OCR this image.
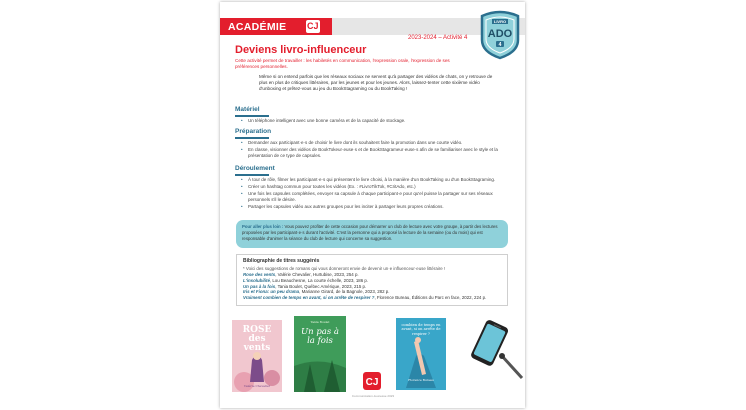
ACADÉMIE CJ	LIVRO
ADO
4
2023-2024 – Activité 4
Deviens livro-influenceur

Cette activité permet de travailler : les habiletés en communication, l'expression orale, l'expression de ses préférences personnelles.

Même si on entend parfois que les réseaux sociaux ne servent qu'à partager des vidéos de chats, on y retrouve de plus en plus de critiques littéraires, par les jeunes et pour les jeunes. Alors, laissez-tenter cette sixième vidéo d'unboxing et prêtez-vous au jeu du BookStagraming ou du BookTaking !

Matériel
• Un téléphone intelligent avec une bonne caméra et de la capacité de stockage.
Préparation
• Demander aux participant·e·s de choisir le livre dont ils souhaitent faire la promotion dans une courte vidéo.
• En classe, visionner des vidéos de BookTokeur·euse·s et de BookStagrameur·euse·s afin de se familiariser avec le style et la présentation de ce type de capsules.
Déroulement
• À tour de rôle, filmer les participant·e·s qui présentent le livre choisi, à la manière d'un BookTaking ou d'un BookStagraming.
• Créer un hashtag commun pour toutes les vidéos (Ex. : #LivroTikTok, #CritAdo, etc.)
• Une fois les capsules complétées, envoyer sa capsule à chaque participant·e pour qu'el puisse la partager sur ses réseaux personnels s'il le désire.
• Partager les capsules vidéo aux autres groupes pour les inciter à partager leurs propres créations.
Pour aller plus loin : Vous pouvez profiter de cette occasion pour démarrer un club de lecture avec votre groupe, à partir des lectures proposées par les participant·e·s durant l'activité. C'est la personne qui a proposé la lecture de la semaine (ou du mois) qui est responsable d'animer la séance du club de lecture qui concerne sa suggestion.
Bibliographie de titres suggérés
* Voici des suggestions de romans qui vous donneront envie de devenir un·e influenceur·euse littéraire !
Rose des vents, Valérie Chevalier, Hurtubise, 2023, 254 p.
L'insolubilité, Lou Beauchesne, La courte échelle, 2023, 186 p.
Un pas à la fois, Tania Boulet, Québec Amérique, 2023, 215 p.
Iris et Fiona: un peu drama, Marianne Girard, de la Bagnole, 2023, 282 p.
Vraiment combien de temps en avant, si on arrête de respirer ?, Florence Bureau, Éditions du Parc en face, 2022, 224 p.
ROSE des vents
Valérie Chevalier
Tania Boulet
Un pas à la fois
combien de temps en avant, si on arrête de respirer ?
Florence Bureau
CJ
Communication-Jeunesse 2023
